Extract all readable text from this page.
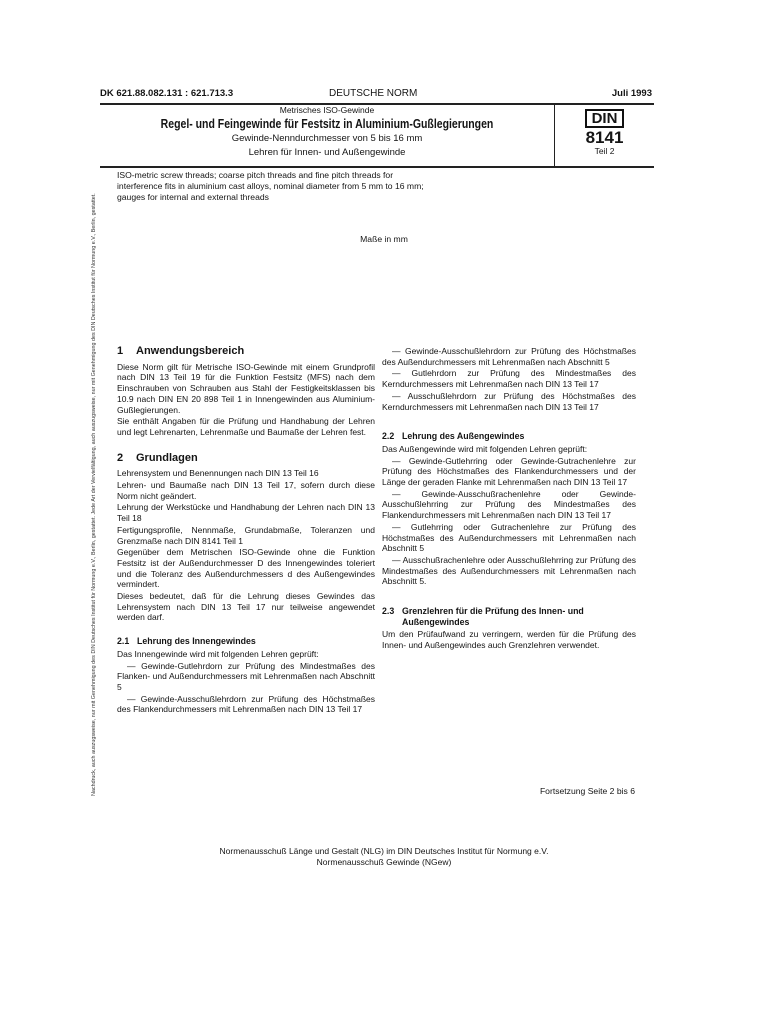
DK 621.88.082.131 : 621.713.3	DEUTSCHE NORM	Juli 1993
Metrisches ISO-Gewinde
Regel- und Feingewinde für Festsitz in Aluminium-Gußlegierungen
Gewinde-Nenndurchmesser von 5 bis 16 mm
Lehren für Innen- und Außengewinde
DIN
8141
Teil 2
ISO-metric screw threads; coarse pitch threads and fine pitch threads for
interference fits in aluminium cast alloys, nominal diameter from 5 mm to 16 mm;
gauges for internal and external threads
Maße in mm
1 Anwendungsbereich

Diese Norm gilt für Metrische ISO-Gewinde mit einem Grundprofil nach DIN 13 Teil 19 für die Funktion Festsitz (MFS) nach dem Einschrauben von Schrauben aus Stahl der Festigkeitsklassen bis 10.9 nach DIN EN 20 898 Teil 1 in Innengewinden aus Aluminium-Gußlegierungen.

Sie enthält Angaben für die Prüfung und Handhabung der Lehren und legt Lehrenarten, Lehrenmaße und Baumaße der Lehren fest.

2 Grundlagen

Lehrensystem und Benennungen nach DIN 13 Teil 16

Lehren- und Baumaße nach DIN 13 Teil 17, sofern durch diese Norm nicht geändert.

Lehrung der Werkstücke und Handhabung der Lehren nach DIN 13 Teil 18

Fertigungsprofile, Nennmaße, Grundabmaße, Toleranzen und Grenzmaße nach DIN 8141 Teil 1

Gegenüber dem Metrischen ISO-Gewinde ohne die Funktion Festsitz ist der Außendurchmesser D des Innengewindes toleriert und die Toleranz des Außendurchmessers d des Außengewindes vermindert.

Dieses bedeutet, daß für die Lehrung dieses Gewindes das Lehrensystem nach DIN 13 Teil 17 nur teilweise angewendet werden darf.

2.1 Lehrung des Innengewindes

Das Innengewinde wird mit folgenden Lehren geprüft:

— Gewinde-Gutlehrdorn zur Prüfung des Mindestmaßes des Flanken- und Außendurchmessers mit Lehrenmaßen nach Abschnitt 5

— Gewinde-Ausschußlehrdorn zur Prüfung des Höchstmaßes des Flankendurchmessers mit Lehrenmaßen nach DIN 13 Teil 17

— Gewinde-Ausschußlehrdorn zur Prüfung des Höchstmaßes des Außendurchmessers mit Lehrenmaßen nach Abschnitt 5

— Gutlehrdorn zur Prüfung des Mindestmaßes des Kerndurchmessers mit Lehrenmaßen nach DIN 13 Teil 17

— Ausschußlehrdorn zur Prüfung des Höchstmaßes des Kerndurchmessers mit Lehrenmaßen nach DIN 13 Teil 17

2.2 Lehrung des Außengewindes

Das Außengewinde wird mit folgenden Lehren geprüft:

— Gewinde-Gutlehrring oder Gewinde-Gutrachenlehre zur Prüfung des Höchstmaßes des Flankendurchmessers und der Länge der geraden Flanke mit Lehrenmaßen nach DIN 13 Teil 17

— Gewinde-Ausschußrachenlehre oder Gewinde-Ausschußlehrring zur Prüfung des Mindestmaßes des Flankendurchmessers mit Lehrenmaßen nach DIN 13 Teil 17

— Gutlehrring oder Gutrachenlehre zur Prüfung des Höchstmaßes des Außendurchmessers mit Lehrenmaßen nach Abschnitt 5

— Ausschußrachenlehre oder Ausschußlehrring zur Prüfung des Mindestmaßes des Außendurchmessers mit Lehrenmaßen nach Abschnitt 5.

2.3 Grenzlehren für die Prüfung des Innen- und Außengewindes

Um den Prüfaufwand zu verringern, werden für die Prüfung des Innen- und Außengewindes auch Grenzlehren verwendet.

Fortsetzung Seite 2 bis 6
Normenausschuß Länge und Gestalt (NLG) im DIN Deutsches Institut für Normung e.V.
Normenausschuß Gewinde (NGew)
Nachdruck, auch auszugsweise, nur mit Genehmigung des DIN Deutsches Institut für Normung e.V., Berlin, gestattet. Jede Art der Vervielfältigung, auch auszugsweise, nur mit Genehmigung des DIN Deutsches Institut für Normung e.V., Berlin, gestattet.
